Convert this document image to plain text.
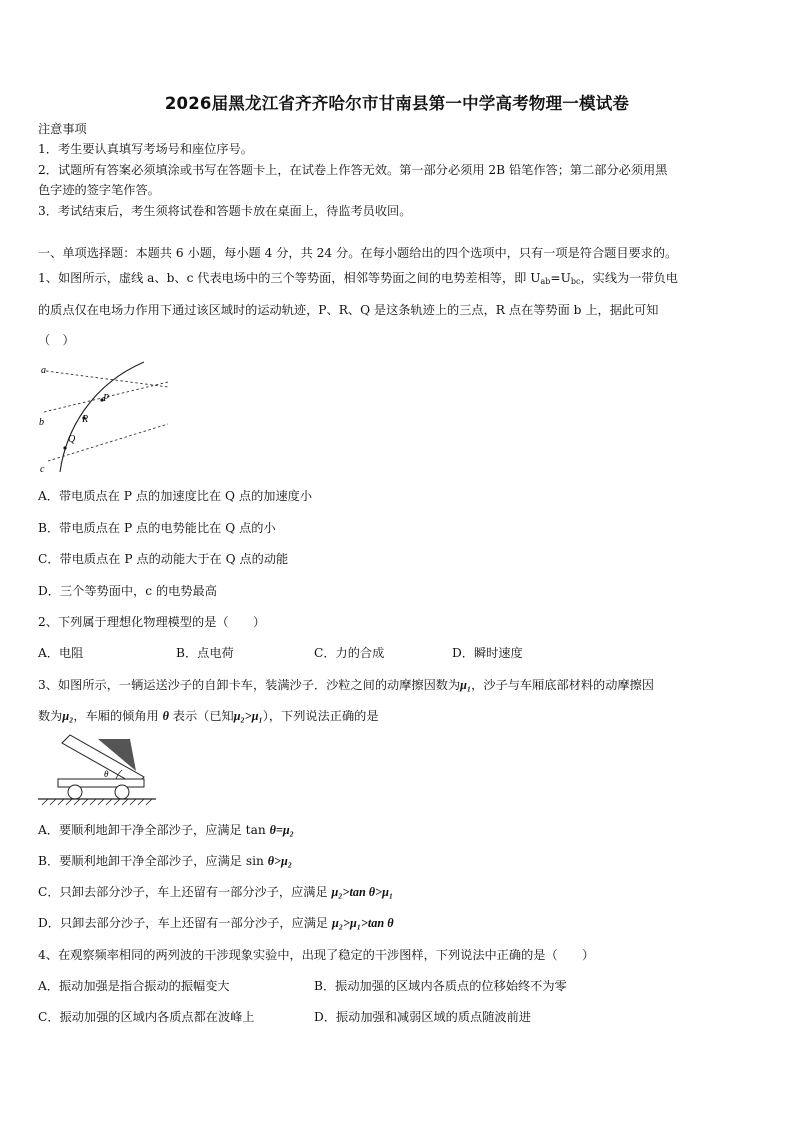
2026届黑龙江省齐齐哈尔市甘南县第一中学高考物理一模试卷
注意事项
1．考生要认真填写考场号和座位序号。
2．试题所有答案必须填涂或书写在答题卡上，在试卷上作答无效。第一部分必须用 2B 铅笔作答；第二部分必须用黑
色字迹的签字笔作答。
3．考试结束后，考生须将试卷和答题卡放在桌面上，待监考员收回。
一、单项选择题：本题共 6 小题，每小题 4 分，共 24 分。在每小题给出的四个选项中，只有一项是符合题目要求的。
1、如图所示，虚线 a、b、c 代表电场中的三个等势面，相邻等势面之间的电势差相等，即 $U_{ab}=U_{bc}$，实线为一带负电
的质点仅在电场力作用下通过该区域时的运动轨迹，P、R、Q 是这条轨迹上的三点，R 点在等势面 b 上，据此可知
（　）
a
b
c
P
R
Q
A．带电质点在 P 点的加速度比在 Q 点的加速度小
B．带电质点在 P 点的电势能比在 Q 点的小
C．带电质点在 P 点的动能大于在 Q 点的动能
D．三个等势面中，c 的电势最高
2、下列属于理想化物理模型的是（　　）
A．电阻	B．点电荷	C．力的合成	D．瞬时速度
3、如图所示，一辆运送沙子的自卸卡车，装满沙子．沙粒之间的动摩擦因数为μ₁，沙子与车厢底部材料的动摩擦因
数为μ₂，车厢的倾角用 θ 表示（已知μ₂>μ₁），下列说法正确的是
θ
A．要顺利地卸干净全部沙子，应满足 tan θ=μ₂
B．要顺利地卸干净全部沙子，应满足 sin θ>μ₂
C．只卸去部分沙子，车上还留有一部分沙子，应满足 μ₂>tan θ>μ₁
D．只卸去部分沙子，车上还留有一部分沙子，应满足 μ₂>μ₁>tan θ
4、在观察频率相同的两列波的干涉现象实验中，出现了稳定的干涉图样，下列说法中正确的是（　　）
A．振动加强是指合振动的振幅变大	B．振动加强的区域内各质点的位移始终不为零
C．振动加强的区域内各质点都在波峰上	D．振动加强和减弱区域的质点随波前进
